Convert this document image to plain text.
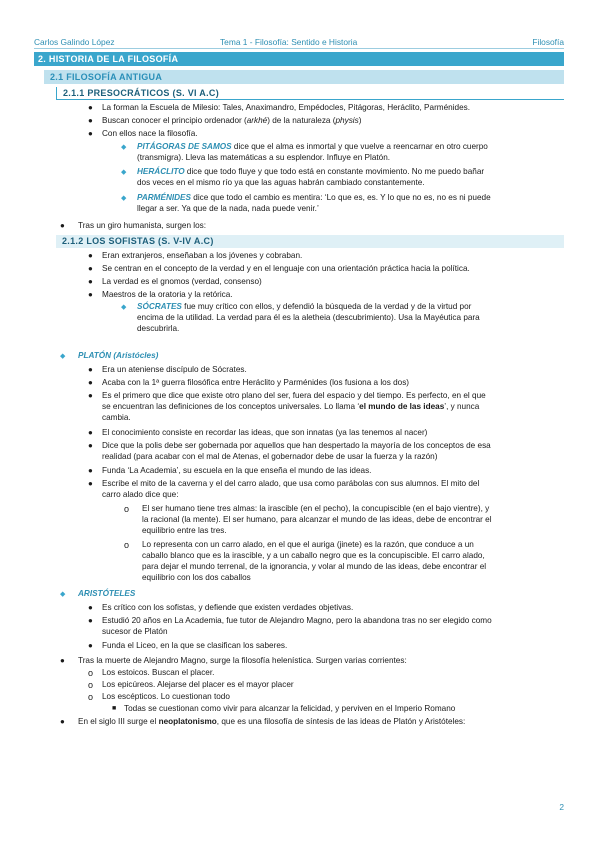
Carlos Galindo López	Tema 1 - Filosofía: Sentido e Historia	Filosofía
2. HISTORIA DE LA FILOSOFÍA
2.1 FILOSOFÍA ANTIGUA
2.1.1 PRESOCRÁTICOS (S. VI A.C)
● La forman la Escuela de Milesio: Tales, Anaximandro, Empédocles, Pitágoras, Heráclito, Parménides.
● Buscan conocer el principio ordenador (arkhé) de la naturaleza (physis)
● Con ellos nace la filosofía.
◆ PITÁGORAS DE SAMOS dice que el alma es inmortal y que vuelve a reencarnar en otro cuerpo
(transmigra). Lleva las matemáticas a su esplendor. Influye en Platón.
◆ HERÁCLITO dice que todo fluye y que todo está en constante movimiento. No me puedo bañar
dos veces en el mismo río ya que las aguas habrán cambiado constantemente.
◆ PARMÉNIDES dice que todo el cambio es mentira: ‘Lo que es, es. Y lo que no es, no es ni puede
llegar a ser. Ya que de la nada, nada puede venir.’
● Tras un giro humanista, surgen los:
2.1.2 LOS SOFISTAS (S. V-IV A.C)
● Eran extranjeros, enseñaban a los jóvenes y cobraban.
● Se centran en el concepto de la verdad y en el lenguaje con una orientación práctica hacia la política.
● La verdad es el gnomos (verdad, consenso)
● Maestros de la oratoria y la retórica.
◆ SÓCRATES fue muy crítico con ellos, y defendió la búsqueda de la verdad y de la virtud por
encima de la utilidad. La verdad para él es la aletheia (descubrimiento). Usa la Mayéutica para
descubrirla.
◆ PLATÓN (Aristócles)
● Era un ateniense discípulo de Sócrates.
● Acaba con la 1ª guerra filosófica entre Heráclito y Parménides (los fusiona a los dos)
● Es el primero que dice que existe otro plano del ser, fuera del espacio y del tiempo. Es perfecto, en el que
se encuentran las definiciones de los conceptos universales. Lo llama ‘el mundo de las ideas’, y nunca
cambia.
● El conocimiento consiste en recordar las ideas, que son innatas (ya las tenemos al nacer)
● Dice que la polis debe ser gobernada por aquellos que han despertado la mayoría de los conceptos de esa
realidad (para acabar con el mal de Atenas, el gobernador debe de usar la fuerza y la razón)
● Funda ‘La Academia’, su escuela en la que enseña el mundo de las ideas.
● Escribe el mito de la caverna y el del carro alado, que usa como parábolas con sus alumnos. El mito del
carro alado dice que:
o El ser humano tiene tres almas: la irascible (en el pecho), la concupiscible (en el bajo vientre), y
la racional (la mente). El ser humano, para alcanzar el mundo de las ideas, debe de encontrar el
equilibrio entre las tres.
o Lo representa con un carro alado, en el que el auriga (jinete) es la razón, que conduce a un
caballo blanco que es la irascible, y a un caballo negro que es la concupiscible. El carro alado,
para dejar el mundo terrenal, de la ignorancia, y volar al mundo de las ideas, debe encontrar el
equilibrio con los dos caballos
◆ ARISTÓTELES
● Es crítico con los sofistas, y defiende que existen verdades objetivas.
● Estudió 20 años en La Academia, fue tutor de Alejandro Magno, pero la abandona tras no ser elegido como
sucesor de Platón
● Funda el Liceo, en la que se clasifican los saberes.
● Tras la muerte de Alejandro Magno, surge la filosofía helenística. Surgen varias corrientes:
o Los estoicos. Buscan el placer.
o Los epicúreos. Alejarse del placer es el mayor placer
o Los escépticos. Lo cuestionan todo
■ Todas se cuestionan como vivir para alcanzar la felicidad, y perviven en el Imperio Romano
● En el siglo III surge el neoplatonismo, que es una filosofía de síntesis de las ideas de Platón y Aristóteles:
2
